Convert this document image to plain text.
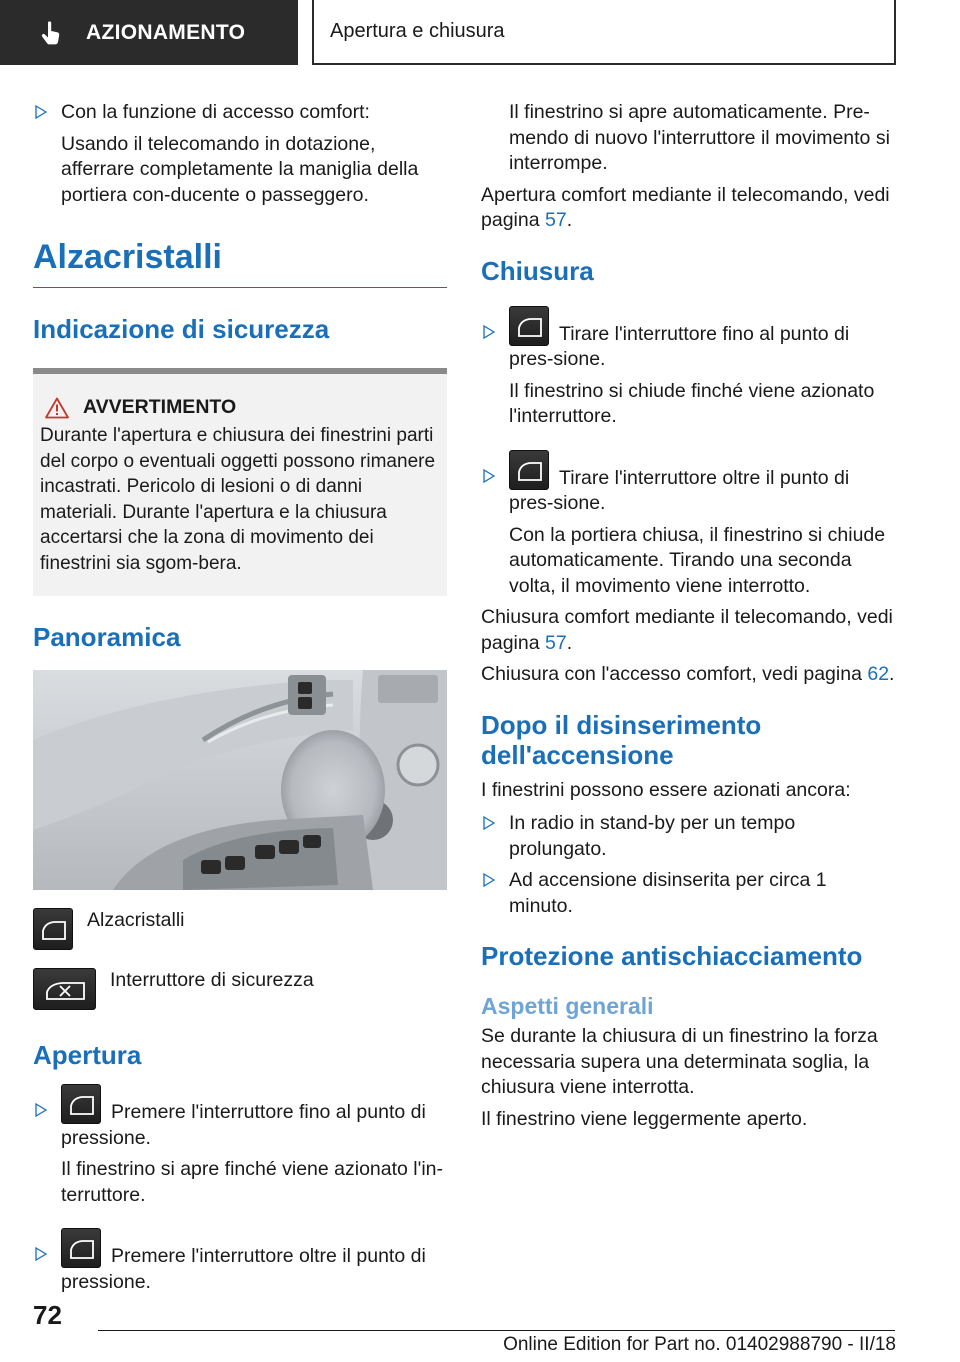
AZIONAMENTO	Apertura e chiusura
Con la funzione di accesso comfort:
Usando il telecomando in dotazione, afferrare completamente la maniglia della portiera con-ducente o passeggero.
Alzacristalli
Indicazione di sicurezza
AVVERTIMENTO
Durante l'apertura e chiusura dei finestrini parti del corpo o eventuali oggetti possono rimanere incastrati. Pericolo di lesioni o di danni materiali. Durante l'apertura e la chiusura accertarsi che la zona di movimento dei finestrini sia sgom-bera.
Panoramica
Alzacristalli
Interruttore di sicurezza
Apertura
Premere l'interruttore fino al punto di pressione.
Il finestrino si apre finché viene azionato l'in-terruttore.
Premere l'interruttore oltre il punto di pressione.
Il finestrino si apre automaticamente. Pre-mendo di nuovo l'interruttore il movimento si interrompe.
Apertura comfort mediante il telecomando, vedi pagina 57.
Chiusura
Tirare l'interruttore fino al punto di pres-sione.
Il finestrino si chiude finché viene azionato l'interruttore.
Tirare l'interruttore oltre il punto di pres-sione.
Con la portiera chiusa, il finestrino si chiude automaticamente. Tirando una seconda volta, il movimento viene interrotto.
Chiusura comfort mediante il telecomando, vedi pagina 57.
Chiusura con l'accesso comfort, vedi pagina 62.
Dopo il disinserimento dell'accensione
I finestrini possono essere azionati ancora:
In radio in stand-by per un tempo prolungato.
Ad accensione disinserita per circa 1 minuto.
Protezione antischiacciamento
Aspetti generali
Se durante la chiusura di un finestrino la forza necessaria supera una determinata soglia, la chiusura viene interrotta.
Il finestrino viene leggermente aperto.
72
Online Edition for Part no. 01402988790 - II/18
